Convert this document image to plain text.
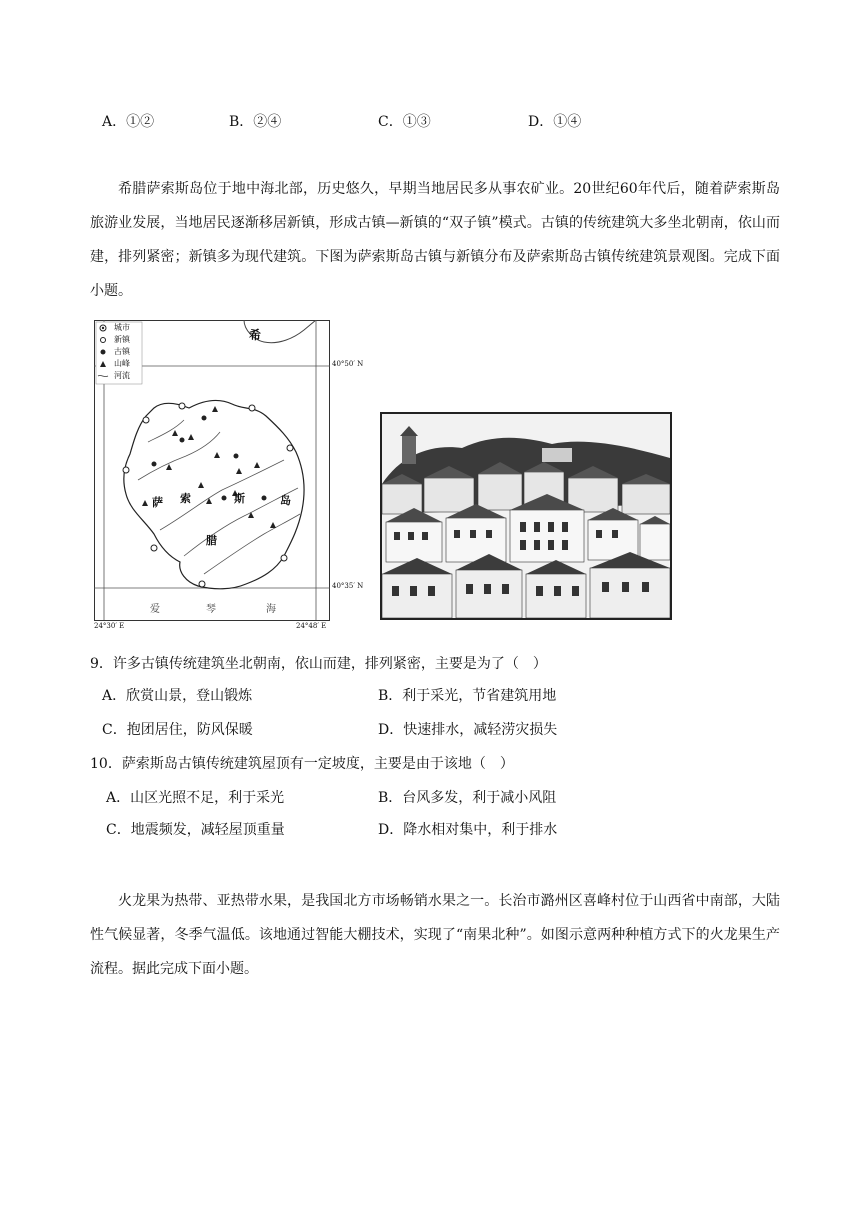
A．①②	B．②④	C．①③	D．①④
希腊萨索斯岛位于地中海北部，历史悠久，早期当地居民多从事农矿业。20世纪60年代后，随着萨索斯岛旅游业发展，当地居民逐渐移居新镇，形成古镇—新镇的“双子镇”模式。古镇的传统建筑大多坐北朝南，依山而建，排列紧密；新镇多为现代建筑。下图为萨索斯岛古镇与新镇分布及萨索斯岛古镇传统建筑景观图。完成下面小题。
城市
新镇
古镇
山峰
河流
希
萨 索	斯	岛
腊
爱	琴	海
40°50′ N
40°35′ N
24°30′ E	24°48′ E
9．许多古镇传统建筑坐北朝南，依山而建，排列紧密，主要是为了（　）
A．欣赏山景，登山锻炼	B．利于采光，节省建筑用地
C．抱团居住，防风保暖	D．快速排水，减轻涝灾损失
10．萨索斯岛古镇传统建筑屋顶有一定坡度，主要是由于该地（　）
A．山区光照不足，利于采光	B．台风多发，利于减小风阻
C．地震频发，减轻屋顶重量	D．降水相对集中，利于排水
火龙果为热带、亚热带水果，是我国北方市场畅销水果之一。长治市潞州区喜峰村位于山西省中南部，大陆性气候显著，冬季气温低。该地通过智能大棚技术，实现了“南果北种”。如图示意两种种植方式下的火龙果生产流程。据此完成下面小题。
